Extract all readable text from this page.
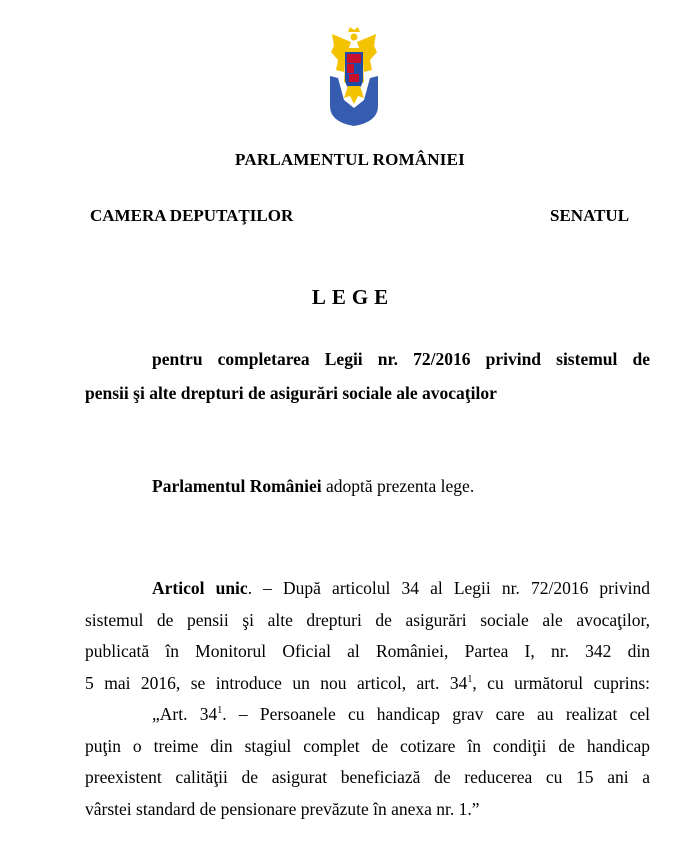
PARLAMENTUL ROMÂNIEI
CAMERA DEPUTAŢILOR	SENATUL
LEGE
pentru completarea Legii nr. 72/2016 privind sistemul de
pensii şi alte drepturi de asigurări sociale ale avocaţilor
Parlamentul României adoptă prezenta lege.
Articol unic. – După articolul 34 al Legii nr. 72/2016 privind
sistemul de pensii şi alte drepturi de asigurări sociale ale avocaţilor,
publicată în Monitorul Oficial al României, Partea I, nr. 342 din
5 mai 2016, se introduce un nou articol, art. $34^1$, cu următorul cuprins:
„Art. $34^1$. – Persoanele cu handicap grav care au realizat cel
puţin o treime din stagiul complet de cotizare în condiţii de handicap
preexistent calităţii de asigurat beneficiază de reducerea cu 15 ani a
vârstei standard de pensionare prevăzute în anexa nr. 1.”
